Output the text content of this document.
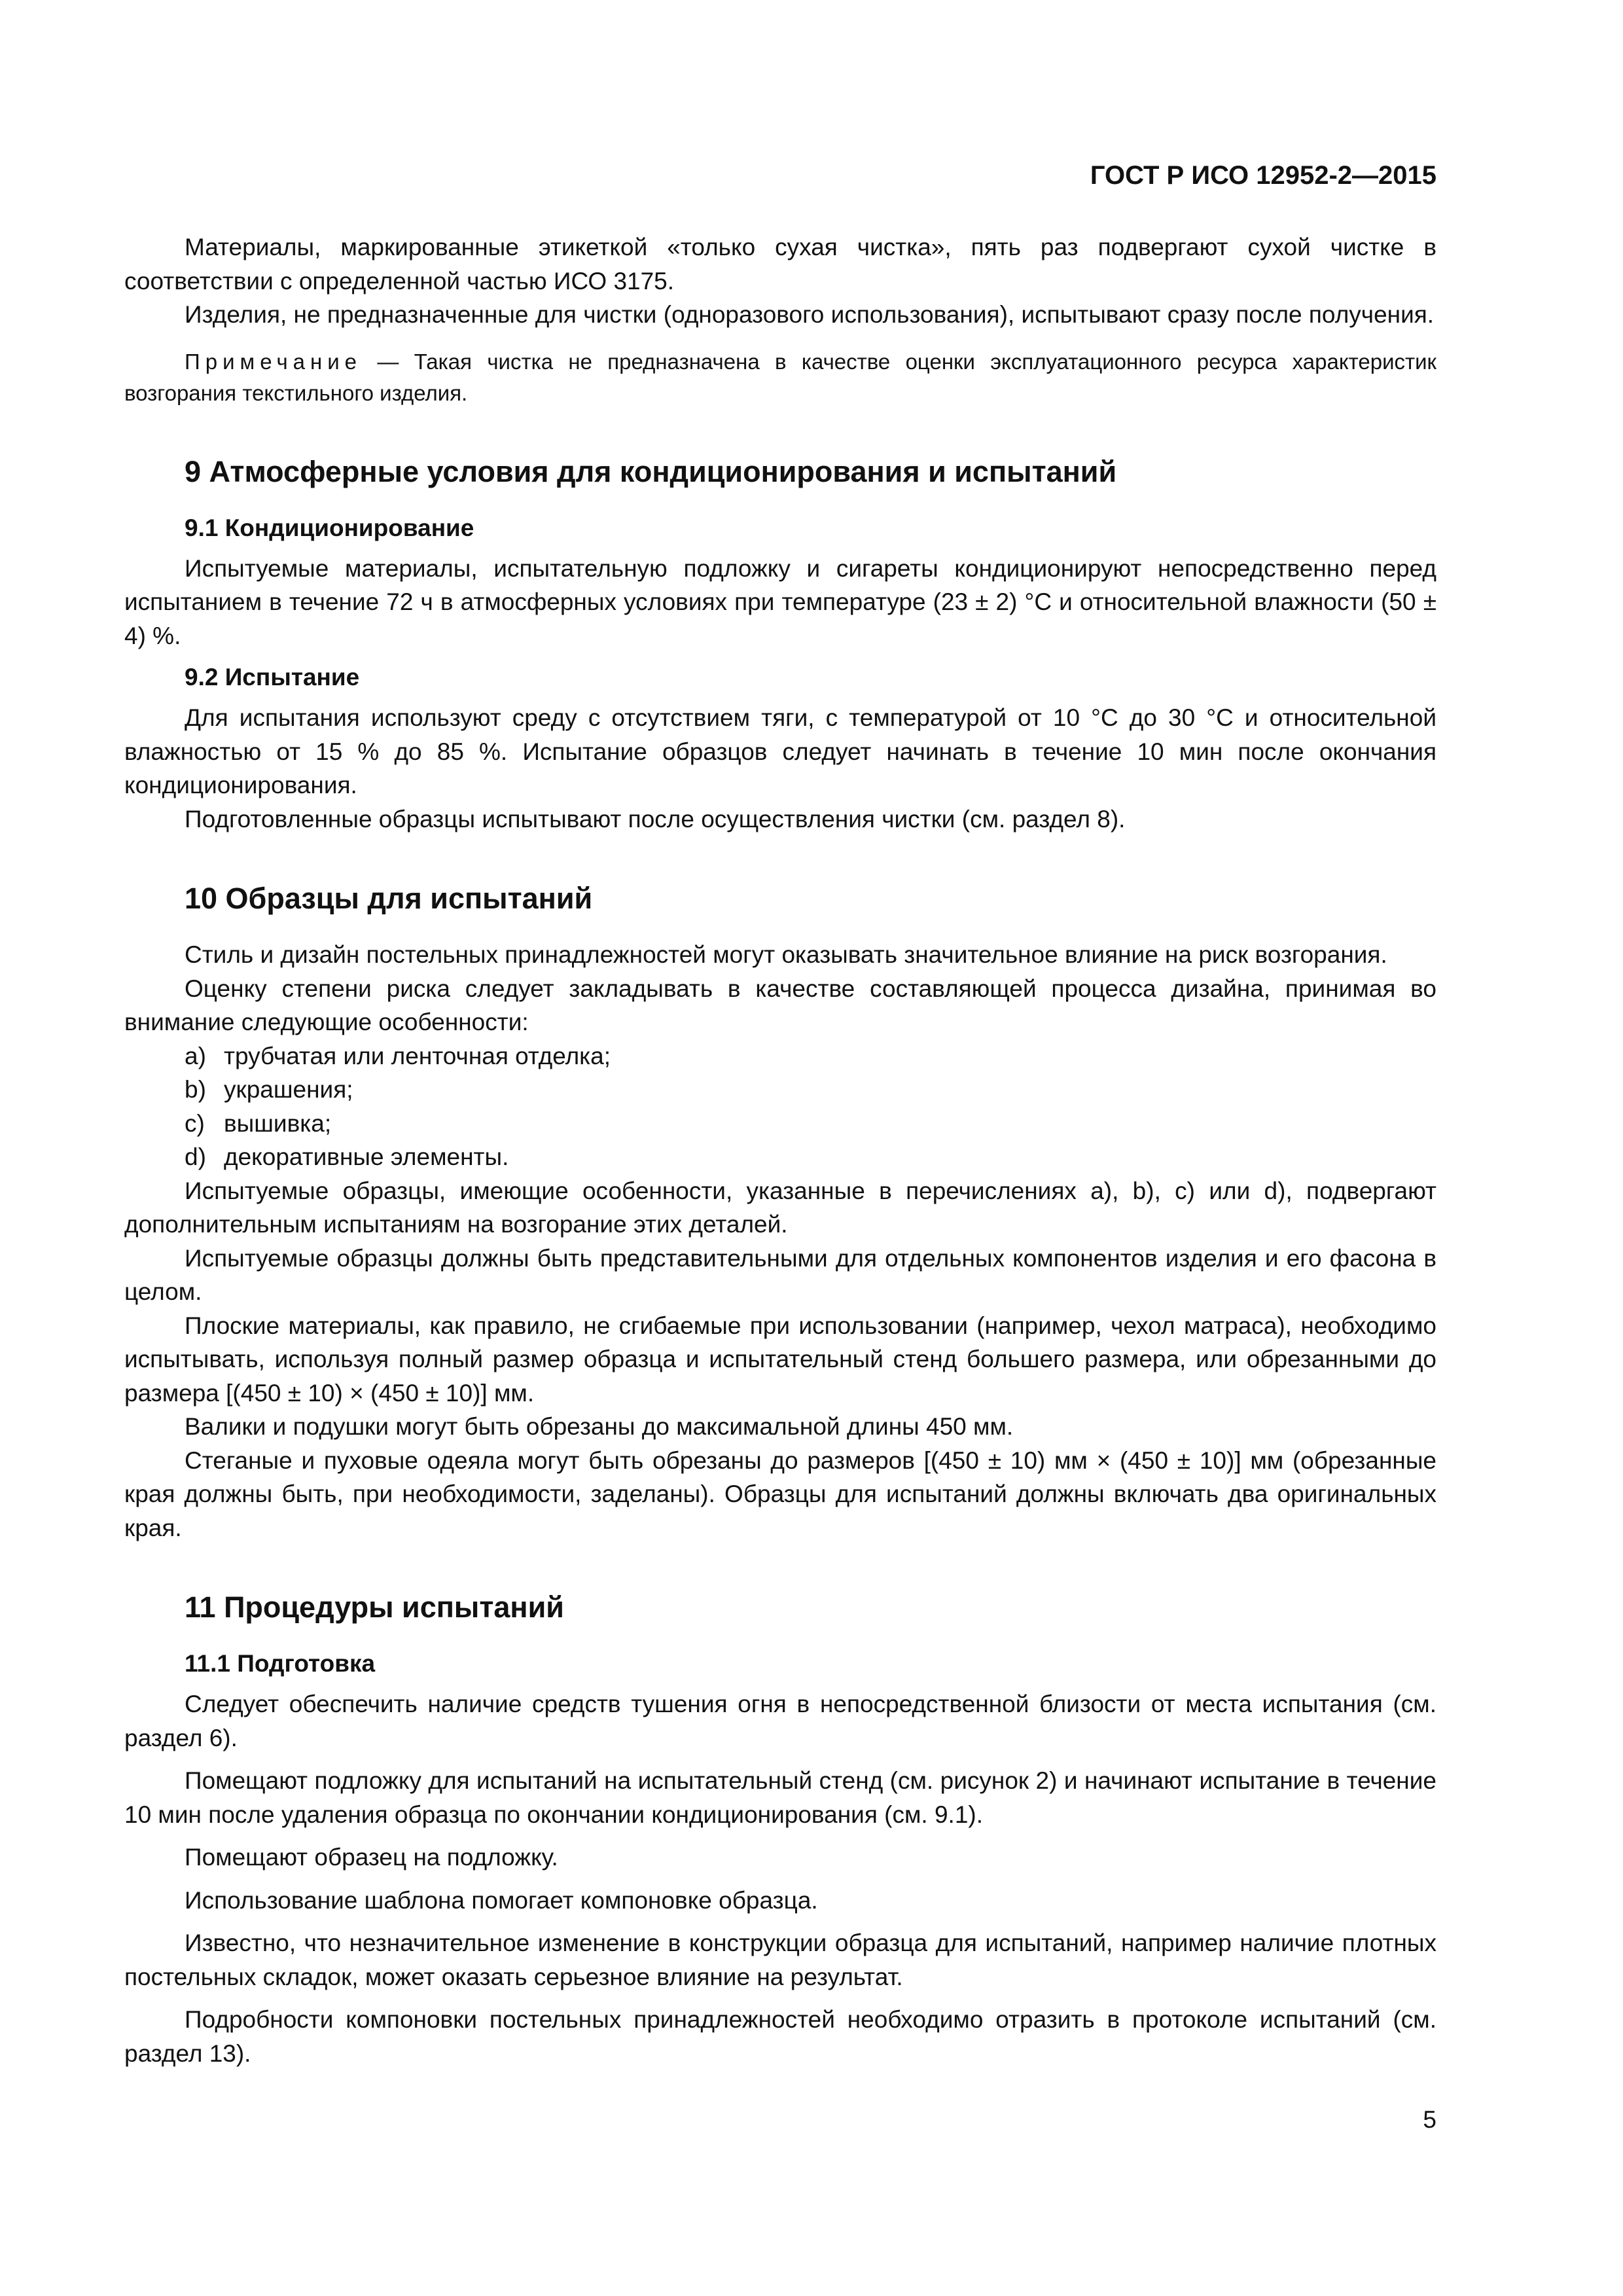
ГОСТ Р ИСО 12952-2—2015

Материалы, маркированные этикеткой «только сухая чистка», пять раз подвергают сухой чистке в соответствии с определенной частью ИСО 3175.

Изделия, не предназначенные для чистки (одноразового использования), испытывают сразу после получения.

Примечание — Такая чистка не предназначена в качестве оценки эксплуатационного ресурса характеристик возгорания текстильного изделия.

9 Атмосферные условия для кондиционирования и испытаний
9.1 Кондиционирование

Испытуемые материалы, испытательную подложку и сигареты кондиционируют непосредственно перед испытанием в течение 72 ч в атмосферных условиях при температуре (23 ± 2) °С и относительной влажности (50 ± 4) %.

9.2 Испытание

Для испытания используют среду с отсутствием тяги, с температурой от 10 °С до 30 °С и относительной влажностью от 15 % до 85 %. Испытание образцов следует начинать в течение 10 мин после окончания кондиционирования.

Подготовленные образцы испытывают после осуществления чистки (см. раздел 8).

10 Образцы для испытаний

Стиль и дизайн постельных принадлежностей могут оказывать значительное влияние на риск возгорания.

Оценку степени риска следует закладывать в качестве составляющей процесса дизайна, принимая во внимание следующие особенности:

a) трубчатая или ленточная отделка;
b) украшения;
c) вышивка;
d) декоративные элементы.

Испытуемые образцы, имеющие особенности, указанные в перечислениях а), b), с) или d), подвергают дополнительным испытаниям на возгорание этих деталей.

Испытуемые образцы должны быть представительными для отдельных компонентов изделия и его фасона в целом.

Плоские материалы, как правило, не сгибаемые при использовании (например, чехол матраса), необходимо испытывать, используя полный размер образца и испытательный стенд большего размера, или обрезанными до размера [(450 ± 10) × (450 ± 10)] мм.

Валики и подушки могут быть обрезаны до максимальной длины 450 мм.

Стеганые и пуховые одеяла могут быть обрезаны до размеров [(450 ± 10) мм × (450 ± 10)] мм (обрезанные края должны быть, при необходимости, заделаны). Образцы для испытаний должны включать два оригинальных края.

11 Процедуры испытаний
11.1 Подготовка

Следует обеспечить наличие средств тушения огня в непосредственной близости от места испытания (см. раздел 6).

Помещают подложку для испытаний на испытательный стенд (см. рисунок 2) и начинают испытание в течение 10 мин после удаления образца по окончании кондиционирования (см. 9.1).

Помещают образец на подложку.

Использование шаблона помогает компоновке образца.

Известно, что незначительное изменение в конструкции образца для испытаний, например наличие плотных постельных складок, может оказать серьезное влияние на результат.

Подробности компоновки постельных принадлежностей необходимо отразить в протоколе испытаний (см. раздел 13).

5
